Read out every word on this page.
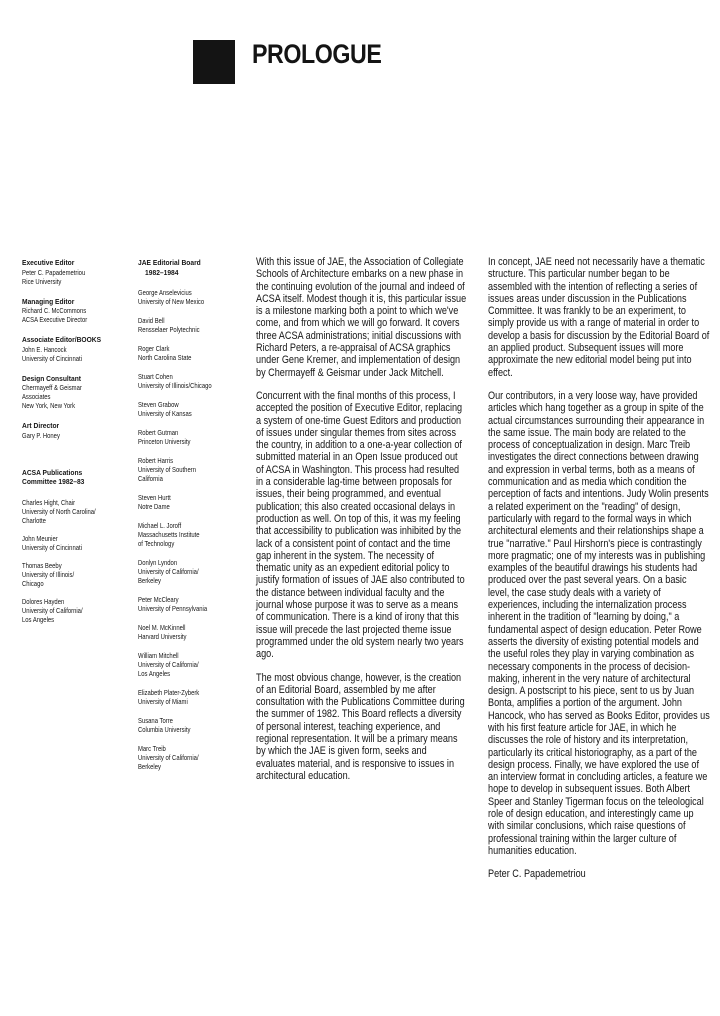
PROLOGUE
Executive Editor
Peter C. Papademetriou
Rice University
Managing Editor
Richard C. McCommons
ACSA Executive Director
Associate Editor/BOOKS
John E. Hancock
University of Cincinnati
Design Consultant
Chermayeff & Geismar
Associates
New York, New York
Art Director
Gary P. Honey
ACSA Publications
Committee 1982–83
Charles Hight, Chair
University of North Carolina/
Charlotte
John Meunier
University of Cincinnati
Thomas Beeby
University of Illinois/
Chicago
Dolores Hayden
University of California/
Los Angeles
JAE Editorial Board
1982–1984
George Anselevicius
University of New Mexico
David Bell
Rensselaer Polytechnic
Roger Clark
North Carolina State
Stuart Cohen
University of Illinois/Chicago
Steven Grabow
University of Kansas
Robert Gutman
Princeton University
Robert Harris
University of Southern
California
Steven Hurtt
Notre Dame
Michael L. Joroff
Massachusetts Institute
of Technology
Donlyn Lyndon
University of California/
Berkeley
Peter McCleary
University of Pennsylvania
Noel M. McKinnell
Harvard University
William Mitchell
University of California/
Los Angeles
Elizabeth Plater-Zyberk
University of Miami
Susana Torre
Columbia University
Marc Treib
University of California/
Berkeley

With this issue of JAE, the Association of Collegiate Schools of Architecture embarks on a new phase in the continuing evolution of the journal and indeed of ACSA itself. Modest though it is, this particular issue is a milestone marking both a point to which we've come, and from which we will go forward. It covers three ACSA administrations; initial discussions with Richard Peters, a re-appraisal of ACSA graphics under Gene Kremer, and implementation of design by Chermayeff & Geismar under Jack Mitchell.

Concurrent with the final months of this process, I accepted the position of Executive Editor, replacing a system of one-time Guest Editors and production of issues under singular themes from sites across the country, in addition to a one-a-year collection of submitted material in an Open Issue produced out of ACSA in Washington. This process had resulted in a considerable lag-time between proposals for issues, their being programmed, and eventual publication; this also created occasional delays in production as well. On top of this, it was my feeling that accessibility to publication was inhibited by the lack of a consistent point of contact and the time gap inherent in the system. The necessity of thematic unity as an expedient editorial policy to justify formation of issues of JAE also contributed to the distance between individual faculty and the journal whose purpose it was to serve as a means of communication. There is a kind of irony that this issue will precede the last projected theme issue programmed under the old system nearly two years ago.

The most obvious change, however, is the creation of an Editorial Board, assembled by me after consultation with the Publications Committee during the summer of 1982. This Board reflects a diversity of personal interest, teaching experience, and regional representation. It will be a primary means by which the JAE is given form, seeks and evaluates material, and is responsive to issues in architectural education.

In concept, JAE need not necessarily have a thematic structure. This particular number began to be assembled with the intention of reflecting a series of issues areas under discussion in the Publications Committee. It was frankly to be an experiment, to simply provide us with a range of material in order to develop a basis for discussion by the Editorial Board of an applied product. Subsequent issues will more approximate the new editorial model being put into effect.

Our contributors, in a very loose way, have provided articles which hang together as a group in spite of the actual circumstances surrounding their appearance in the same issue. The main body are related to the process of conceptualization in design. Marc Treib investigates the direct connections between drawing and expression in verbal terms, both as a means of communication and as media which condition the perception of facts and intentions. Judy Wolin presents a related experiment on the "reading" of design, particularly with regard to the formal ways in which architectural elements and their relationships shape a true "narrative." Paul Hirshorn's piece is contrastingly more pragmatic; one of my interests was in publishing examples of the beautiful drawings his students had produced over the past several years. On a basic level, the case study deals with a variety of experiences, including the internalization process inherent in the tradition of "learning by doing," a fundamental aspect of design education. Peter Rowe asserts the diversity of existing potential models and the useful roles they play in varying combination as necessary components in the process of decision-making, inherent in the very nature of architectural design. A postscript to his piece, sent to us by Juan Bonta, amplifies a portion of the argument. John Hancock, who has served as Books Editor, provides us with his first feature article for JAE, in which he discusses the role of history and its interpretation, particularly its critical historiography, as a part of the design process. Finally, we have explored the use of an interview format in concluding articles, a feature we hope to develop in subsequent issues. Both Albert Speer and Stanley Tigerman focus on the teleological role of design education, and interestingly came up with similar conclusions, which raise questions of professional training within the larger culture of humanities education.

Peter C. Papademetriou
